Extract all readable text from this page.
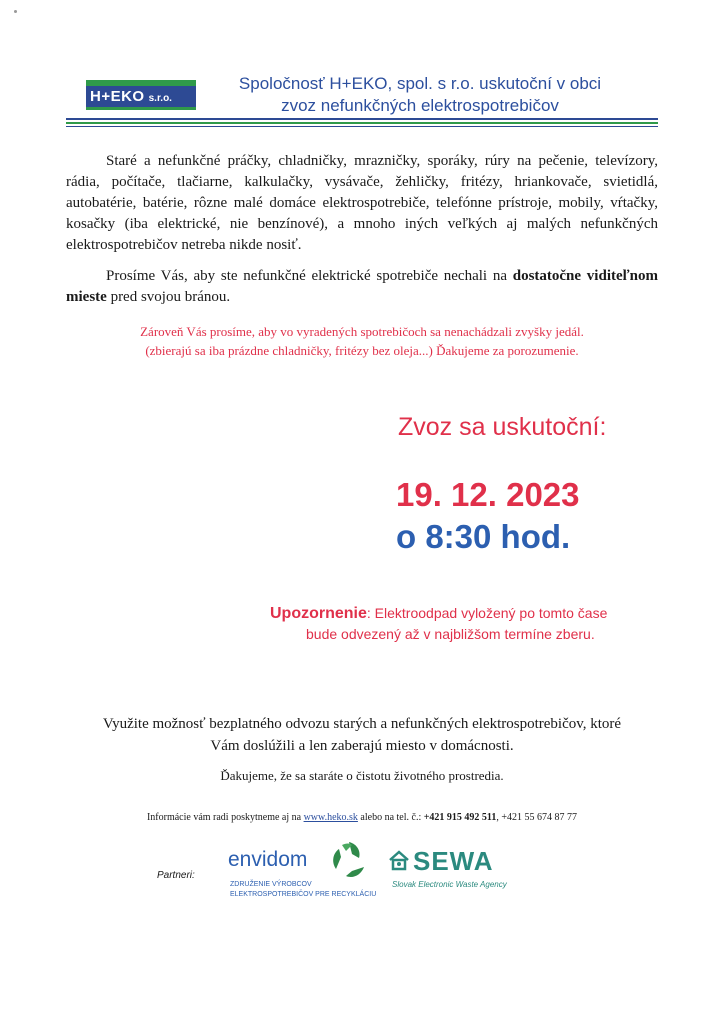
H+EKO s.r.o.
Spoločnosť H+EKO, spol. s r.o. uskutoční v obci
zvoz nefunkčných elektrospotrebičov
Staré a nefunkčné práčky, chladničky, mrazničky, sporáky, rúry na pečenie, televízory, rádia, počítače, tlačiarne, kalkulačky, vysávače, žehličky, fritézy, hriankovače, svietidlá, autobatérie, batérie, rôzne malé domáce elektrospotrebiče, telefónne prístroje, mobily, vŕtačky, kosačky (iba elektrické, nie benzínové), a mnoho iných veľkých aj malých nefunkčných elektrospotrebičov netreba nikde nosiť.
Prosíme Vás, aby ste nefunkčné elektrické spotrebiče nechali na dostatočne viditeľnom mieste pred svojou bránou.
Zároveň Vás prosíme, aby vo vyradených spotrebičoch sa nenachádzali zvyšky jedál.
(zbierajú sa iba prázdne chladničky, fritézy bez oleja...) Ďakujeme za porozumenie.
Zvoz sa uskutoční:
19. 12. 2023
o 8:30 hod.
Upozornenie: Elektroodpad vyložený po tomto čase
bude odvezený až v najbližšom termíne zberu.
Využite možnosť bezplatného odvozu starých a nefunkčných elektrospotrebičov, ktoré
Vám doslúžili a len zaberajú miesto v domácnosti.
Ďakujeme, že sa staráte o čistotu životného prostredia.
Informácie vám radi poskytneme aj na www.heko.sk alebo na tel. č.: +421 915 492 511, +421 55 674 87 77
Partneri:
envidom
ZDRUŽENIE VÝROBCOV
ELEKTROSPOTREBIČOV PRE RECYKLÁCIU
SEWA
Slovak Electronic Waste Agency
